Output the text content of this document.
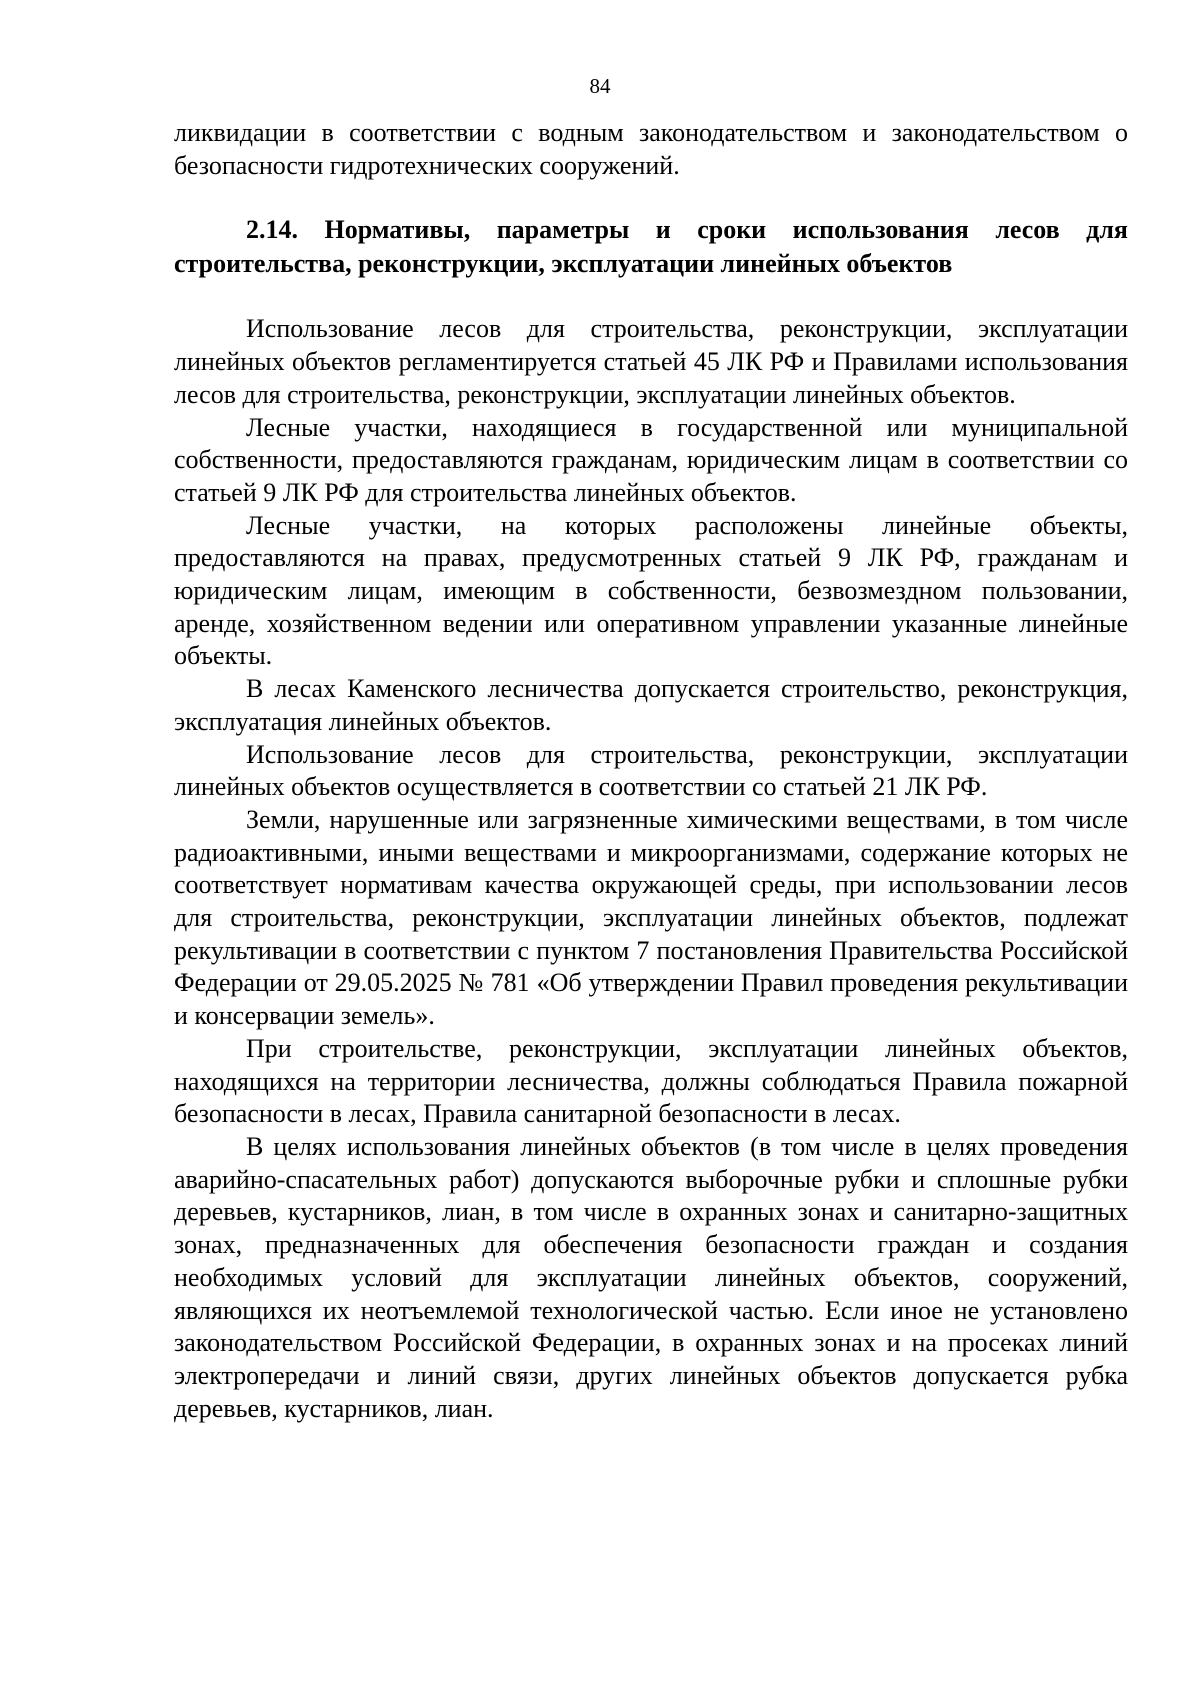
84

ликвидации в соответствии с водным законодательством и законодательством о безопасности гидротехнических сооружений.

2.14. Нормативы, параметры и сроки использования лесов для строительства, реконструкции, эксплуатации линейных объектов

Использование лесов для строительства, реконструкции, эксплуатации линейных объектов регламентируется статьей 45 ЛК РФ и Правилами использования лесов для строительства, реконструкции, эксплуатации линейных объектов.

Лесные участки, находящиеся в государственной или муниципальной собственности, предоставляются гражданам, юридическим лицам в соответствии со статьей 9 ЛК РФ для строительства линейных объектов.

Лесные участки, на которых расположены линейные объекты, предоставляются на правах, предусмотренных статьей 9 ЛК РФ, гражданам и юридическим лицам, имеющим в собственности, безвозмездном пользовании, аренде, хозяйственном ведении или оперативном управлении указанные линейные объекты.

В лесах Каменского лесничества допускается строительство, реконструкция, эксплуатация линейных объектов.

Использование лесов для строительства, реконструкции, эксплуатации линейных объектов осуществляется в соответствии со статьей 21 ЛК РФ.

Земли, нарушенные или загрязненные химическими веществами, в том числе радиоактивными, иными веществами и микроорганизмами, содержание которых не соответствует нормативам качества окружающей среды, при использовании лесов для строительства, реконструкции, эксплуатации линейных объектов, подлежат рекультивации в соответствии с пунктом 7 постановления Правительства Российской Федерации от 29.05.2025 № 781 «Об утверждении Правил проведения рекультивации и консервации земель».

При строительстве, реконструкции, эксплуатации линейных объектов, находящихся на территории лесничества, должны соблюдаться Правила пожарной безопасности в лесах, Правила санитарной безопасности в лесах.

В целях использования линейных объектов (в том числе в целях проведения аварийно-спасательных работ) допускаются выборочные рубки и сплошные рубки деревьев, кустарников, лиан, в том числе в охранных зонах и санитарно-защитных зонах, предназначенных для обеспечения безопасности граждан и создания необходимых условий для эксплуатации линейных объектов, сооружений, являющихся их неотъемлемой технологической частью. Если иное не установлено законодательством Российской Федерации, в охранных зонах и на просеках линий электропередачи и линий связи, других линейных объектов допускается рубка деревьев, кустарников, лиан.
